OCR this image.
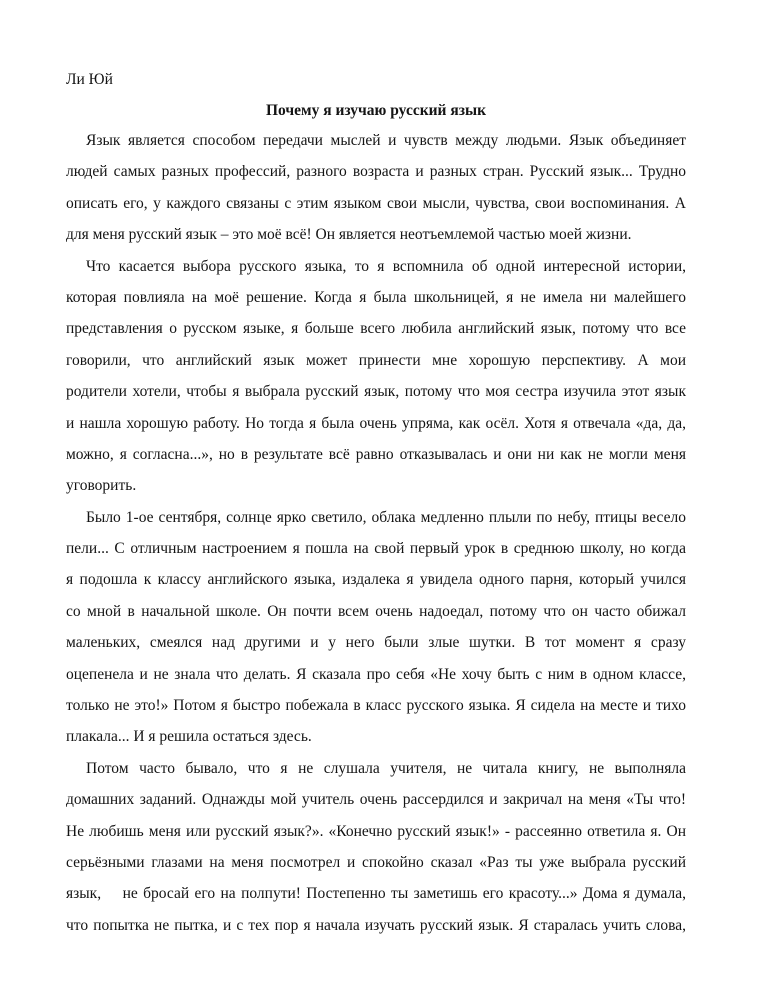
Ли Юй
Почему я изучаю русский язык
Язык является способом передачи мыслей и чувств между людьми. Язык объединяет
людей самых разных профессий, разного возраста и разных стран. Русский язык... Трудно
описать его, у каждого связаны с этим языком свои мысли, чувства, свои воспоминания. А
для меня русский язык – это моё всё! Он является неотъемлемой частью моей жизни.
Что касается выбора русского языка, то я вспомнила об одной интересной истории,
которая повлияла на моё решение. Когда я была школьницей, я не имела ни малейшего
представления о русском языке, я больше всего любила английский язык, потому что все
говорили, что английский язык может принести мне хорошую перспективу. А мои
родители хотели, чтобы я выбрала русский язык, потому что моя сестра изучила этот язык
и нашла хорошую работу. Но тогда я была очень упряма, как осёл. Хотя я отвечала «да, да,
можно, я согласна...», но в результате всё равно отказывалась и они ни как не могли меня
уговорить.
Было 1-ое сентября, солнце ярко светило, облака медленно плыли по небу, птицы весело
пели... С отличным настроением я пошла на свой первый урок в среднюю школу, но когда
я подошла к классу английского языка, издалека я увидела одного парня, который учился
со мной в начальной школе. Он почти всем очень надоедал, потому что он часто обижал
маленьких, смеялся над другими и у него были злые шутки. В тот момент я сразу
оцепенела и не знала что делать. Я сказала про себя «Не хочу быть с ним в одном классе,
только не это!» Потом я быстро побежала в класс русского языка. Я сидела на месте и тихо
плакала... И я решила остаться здесь.
Потом часто бывало, что я не слушала учителя, не читала книгу, не выполняла
домашних заданий. Однажды мой учитель очень рассердился и закричал на меня «Ты что!
Не любишь меня или русский язык?». «Конечно русский язык!» - рассеянно ответила я. Он
серьёзными глазами на меня посмотрел и спокойно сказал «Раз ты уже выбрала русский
язык,    не бросай его на полпути! Постепенно ты заметишь его красоту...» Дома я думала,
что попытка не пытка, и с тех пор я начала изучать русский язык. Я старалась учить слова,
